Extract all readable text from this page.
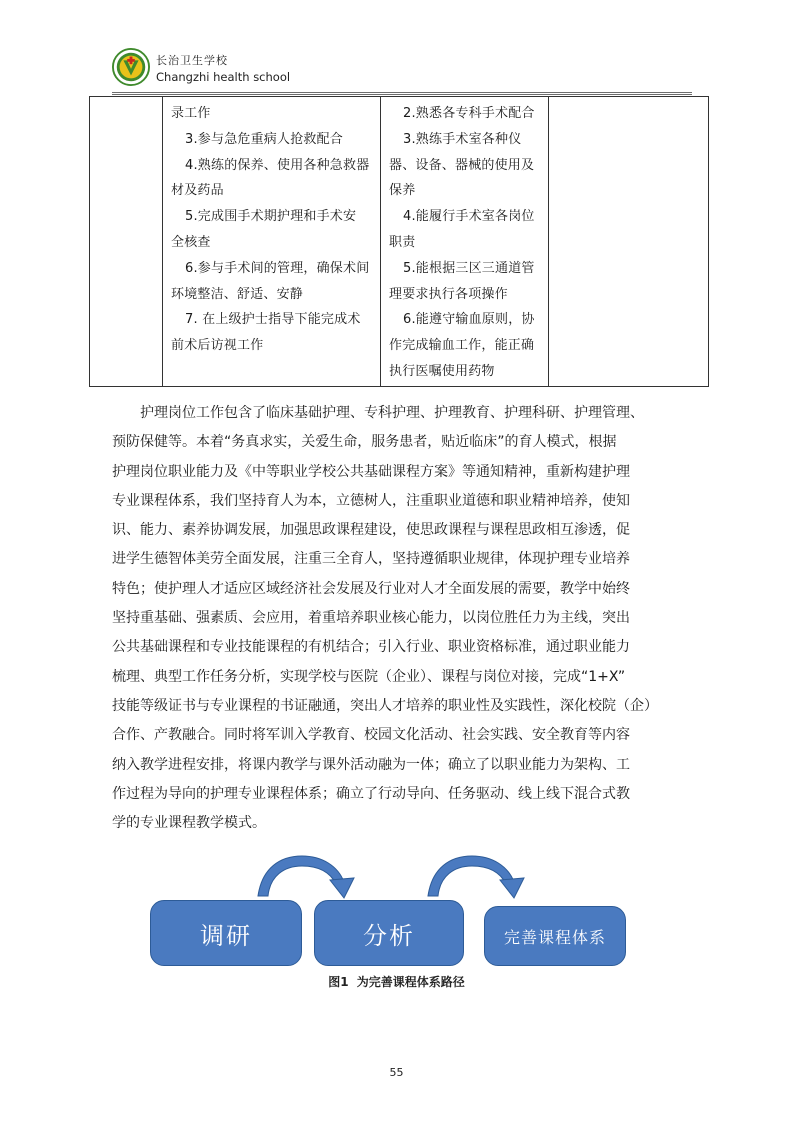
长治卫生学校
Changzhi health school

录工作
3.参与急危重病人抢救配合
4.熟练的保养、使用各种急救器
材及药品
5.完成围手术期护理和手术安
全核查
6.参与手术间的管理，确保术间
环境整洁、舒适、安静
7. 在上级护士指导下能完成术
前术后访视工作

2.熟悉各专科手术配合
3.熟练手术室各种仪
器、设备、器械的使用及
保养
4.能履行手术室各岗位
职责
5.能根据三区三通道管
理要求执行各项操作
6.能遵守输血原则，协
作完成输血工作，能正确
执行医嘱使用药物

护理岗位工作包含了临床基础护理、专科护理、护理教育、护理科研、护理管理、
预防保健等。本着“务真求实，关爱生命，服务患者，贴近临床”的育人模式，根据
护理岗位职业能力及《中等职业学校公共基础课程方案》等通知精神，重新构建护理
专业课程体系，我们坚持育人为本，立德树人，注重职业道德和职业精神培养，使知
识、能力、素养协调发展，加强思政课程建设，使思政课程与课程思政相互渗透，促
进学生德智体美劳全面发展，注重三全育人，坚持遵循职业规律，体现护理专业培养
特色；使护理人才适应区域经济社会发展及行业对人才全面发展的需要，教学中始终
坚持重基础、强素质、会应用，着重培养职业核心能力，以岗位胜任力为主线，突出
公共基础课程和专业技能课程的有机结合；引入行业、职业资格标准，通过职业能力
梳理、典型工作任务分析，实现学校与医院（企业）、课程与岗位对接，完成“1+X”
技能等级证书与专业课程的书证融通，突出人才培养的职业性及实践性，深化校院（企）
合作、产教融合。同时将军训入学教育、校园文化活动、社会实践、安全教育等内容
纳入教学进程安排，将课内教学与课外活动融为一体；确立了以职业能力为架构、工
作过程为导向的护理专业课程体系；确立了行动导向、任务驱动、线上线下混合式教
学的专业课程教学模式。
调研	分析	完善课程体系
图1 为完善课程体系路径
55
